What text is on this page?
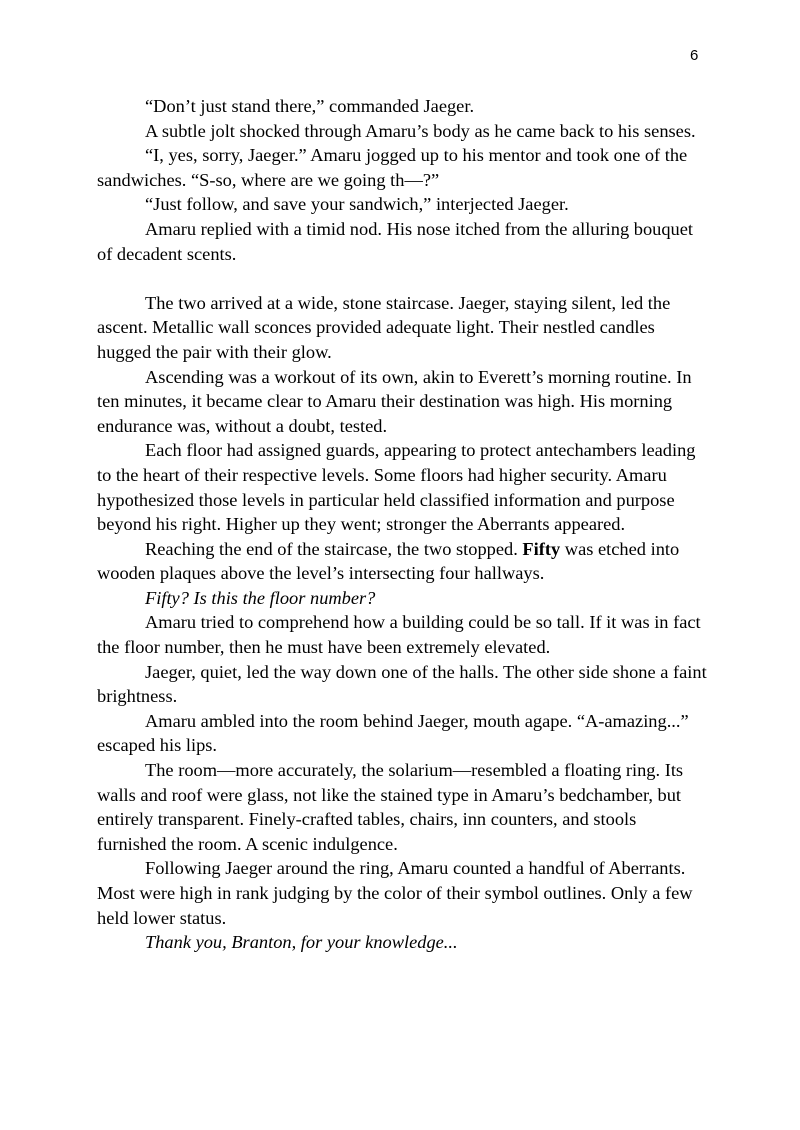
6

“Don’t just stand there,” commanded Jaeger.

A subtle jolt shocked through Amaru’s body as he came back to his senses.

“I, yes, sorry, Jaeger.” Amaru jogged up to his mentor and took one of the sandwiches. “S-so, where are we going th—?”

“Just follow, and save your sandwich,” interjected Jaeger.

Amaru replied with a timid nod. His nose itched from the alluring bouquet of decadent scents.

The two arrived at a wide, stone staircase. Jaeger, staying silent, led the ascent. Metallic wall sconces provided adequate light. Their nestled candles hugged the pair with their glow.

Ascending was a workout of its own, akin to Everett’s morning routine. In ten minutes, it became clear to Amaru their destination was high. His morning endurance was, without a doubt, tested.

Each floor had assigned guards, appearing to protect antechambers leading to the heart of their respective levels. Some floors had higher security. Amaru hypothesized those levels in particular held classified information and purpose beyond his right. Higher up they went; stronger the Aberrants appeared.

Reaching the end of the staircase, the two stopped. Fifty was etched into wooden plaques above the level’s intersecting four hallways.

Fifty? Is this the floor number?

Amaru tried to comprehend how a building could be so tall. If it was in fact the floor number, then he must have been extremely elevated.

Jaeger, quiet, led the way down one of the halls. The other side shone a faint brightness.

Amaru ambled into the room behind Jaeger, mouth agape. “A-amazing...” escaped his lips.

The room—more accurately, the solarium—resembled a floating ring. Its walls and roof were glass, not like the stained type in Amaru’s bedchamber, but entirely transparent. Finely-crafted tables, chairs, inn counters, and stools furnished the room. A scenic indulgence.

Following Jaeger around the ring, Amaru counted a handful of Aberrants. Most were high in rank judging by the color of their symbol outlines. Only a few held lower status.

Thank you, Branton, for your knowledge...
